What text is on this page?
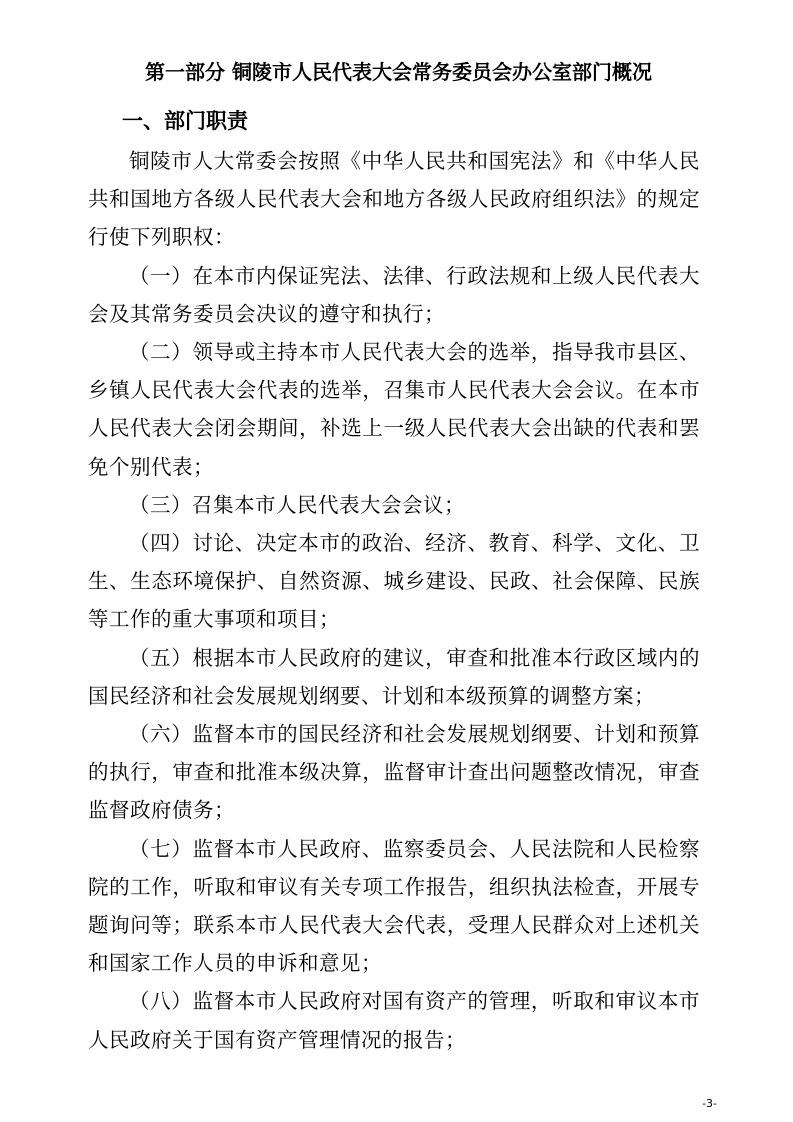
第一部分 铜陵市人民代表大会常务委员会办公室部门概况
一、部门职责

铜陵市人大常委会按照《中华人民共和国宪法》和《中华人民共和国地方各级人民代表大会和地方各级人民政府组织法》的规定行使下列职权：

（一）在本市内保证宪法、法律、行政法规和上级人民代表大会及其常务委员会决议的遵守和执行；

（二）领导或主持本市人民代表大会的选举，指导我市县区、乡镇人民代表大会代表的选举，召集市人民代表大会会议。在本市人民代表大会闭会期间，补选上一级人民代表大会出缺的代表和罢免个别代表；

（三）召集本市人民代表大会会议；

（四）讨论、决定本市的政治、经济、教育、科学、文化、卫生、生态环境保护、自然资源、城乡建设、民政、社会保障、民族等工作的重大事项和项目；

（五）根据本市人民政府的建议，审查和批准本行政区域内的国民经济和社会发展规划纲要、计划和本级预算的调整方案；

（六）监督本市的国民经济和社会发展规划纲要、计划和预算的执行，审查和批准本级决算，监督审计查出问题整改情况，审查监督政府债务；

（七）监督本市人民政府、监察委员会、人民法院和人民检察院的工作，听取和审议有关专项工作报告，组织执法检查，开展专题询问等；联系本市人民代表大会代表，受理人民群众对上述机关和国家工作人员的申诉和意见；

（八）监督本市人民政府对国有资产的管理，听取和审议本市人民政府关于国有资产管理情况的报告；

-3-
